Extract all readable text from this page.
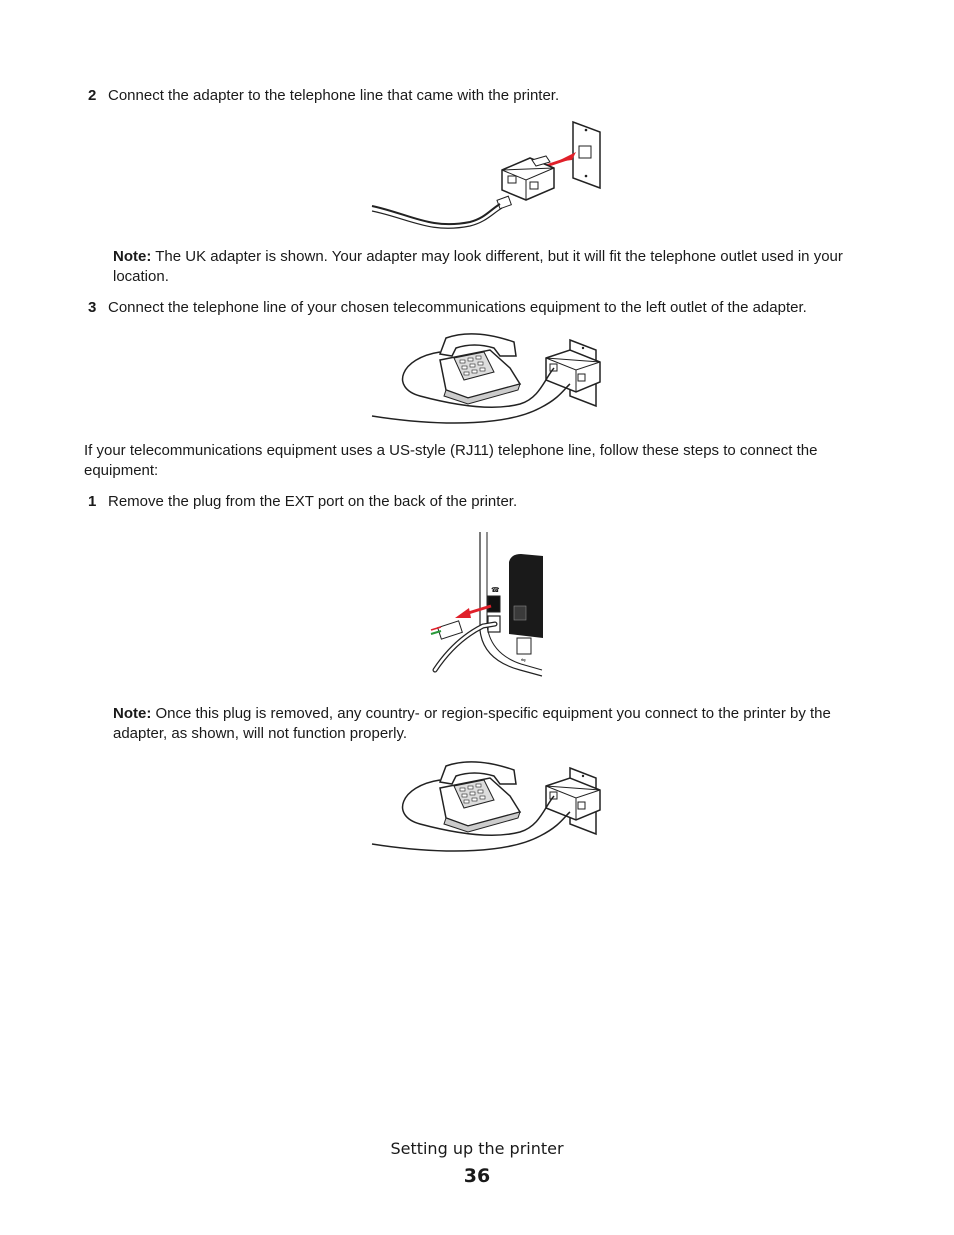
2 Connect the adapter to the telephone line that came with the printer.

Note: The UK adapter is shown. Your adapter may look different, but it will fit the telephone outlet used in your location.

3 Connect the telephone line of your chosen telecommunications equipment to the left outlet of the adapter.

If your telecommunications equipment uses a US-style (RJ11) telephone line, follow these steps to connect the equipment:

1 Remove the plug from the EXT port on the back of the printer.

☎
⇋

Note: Once this plug is removed, any country- or region-specific equipment you connect to the printer by the adapter, as shown, will not function properly.

Setting up the printer
36
